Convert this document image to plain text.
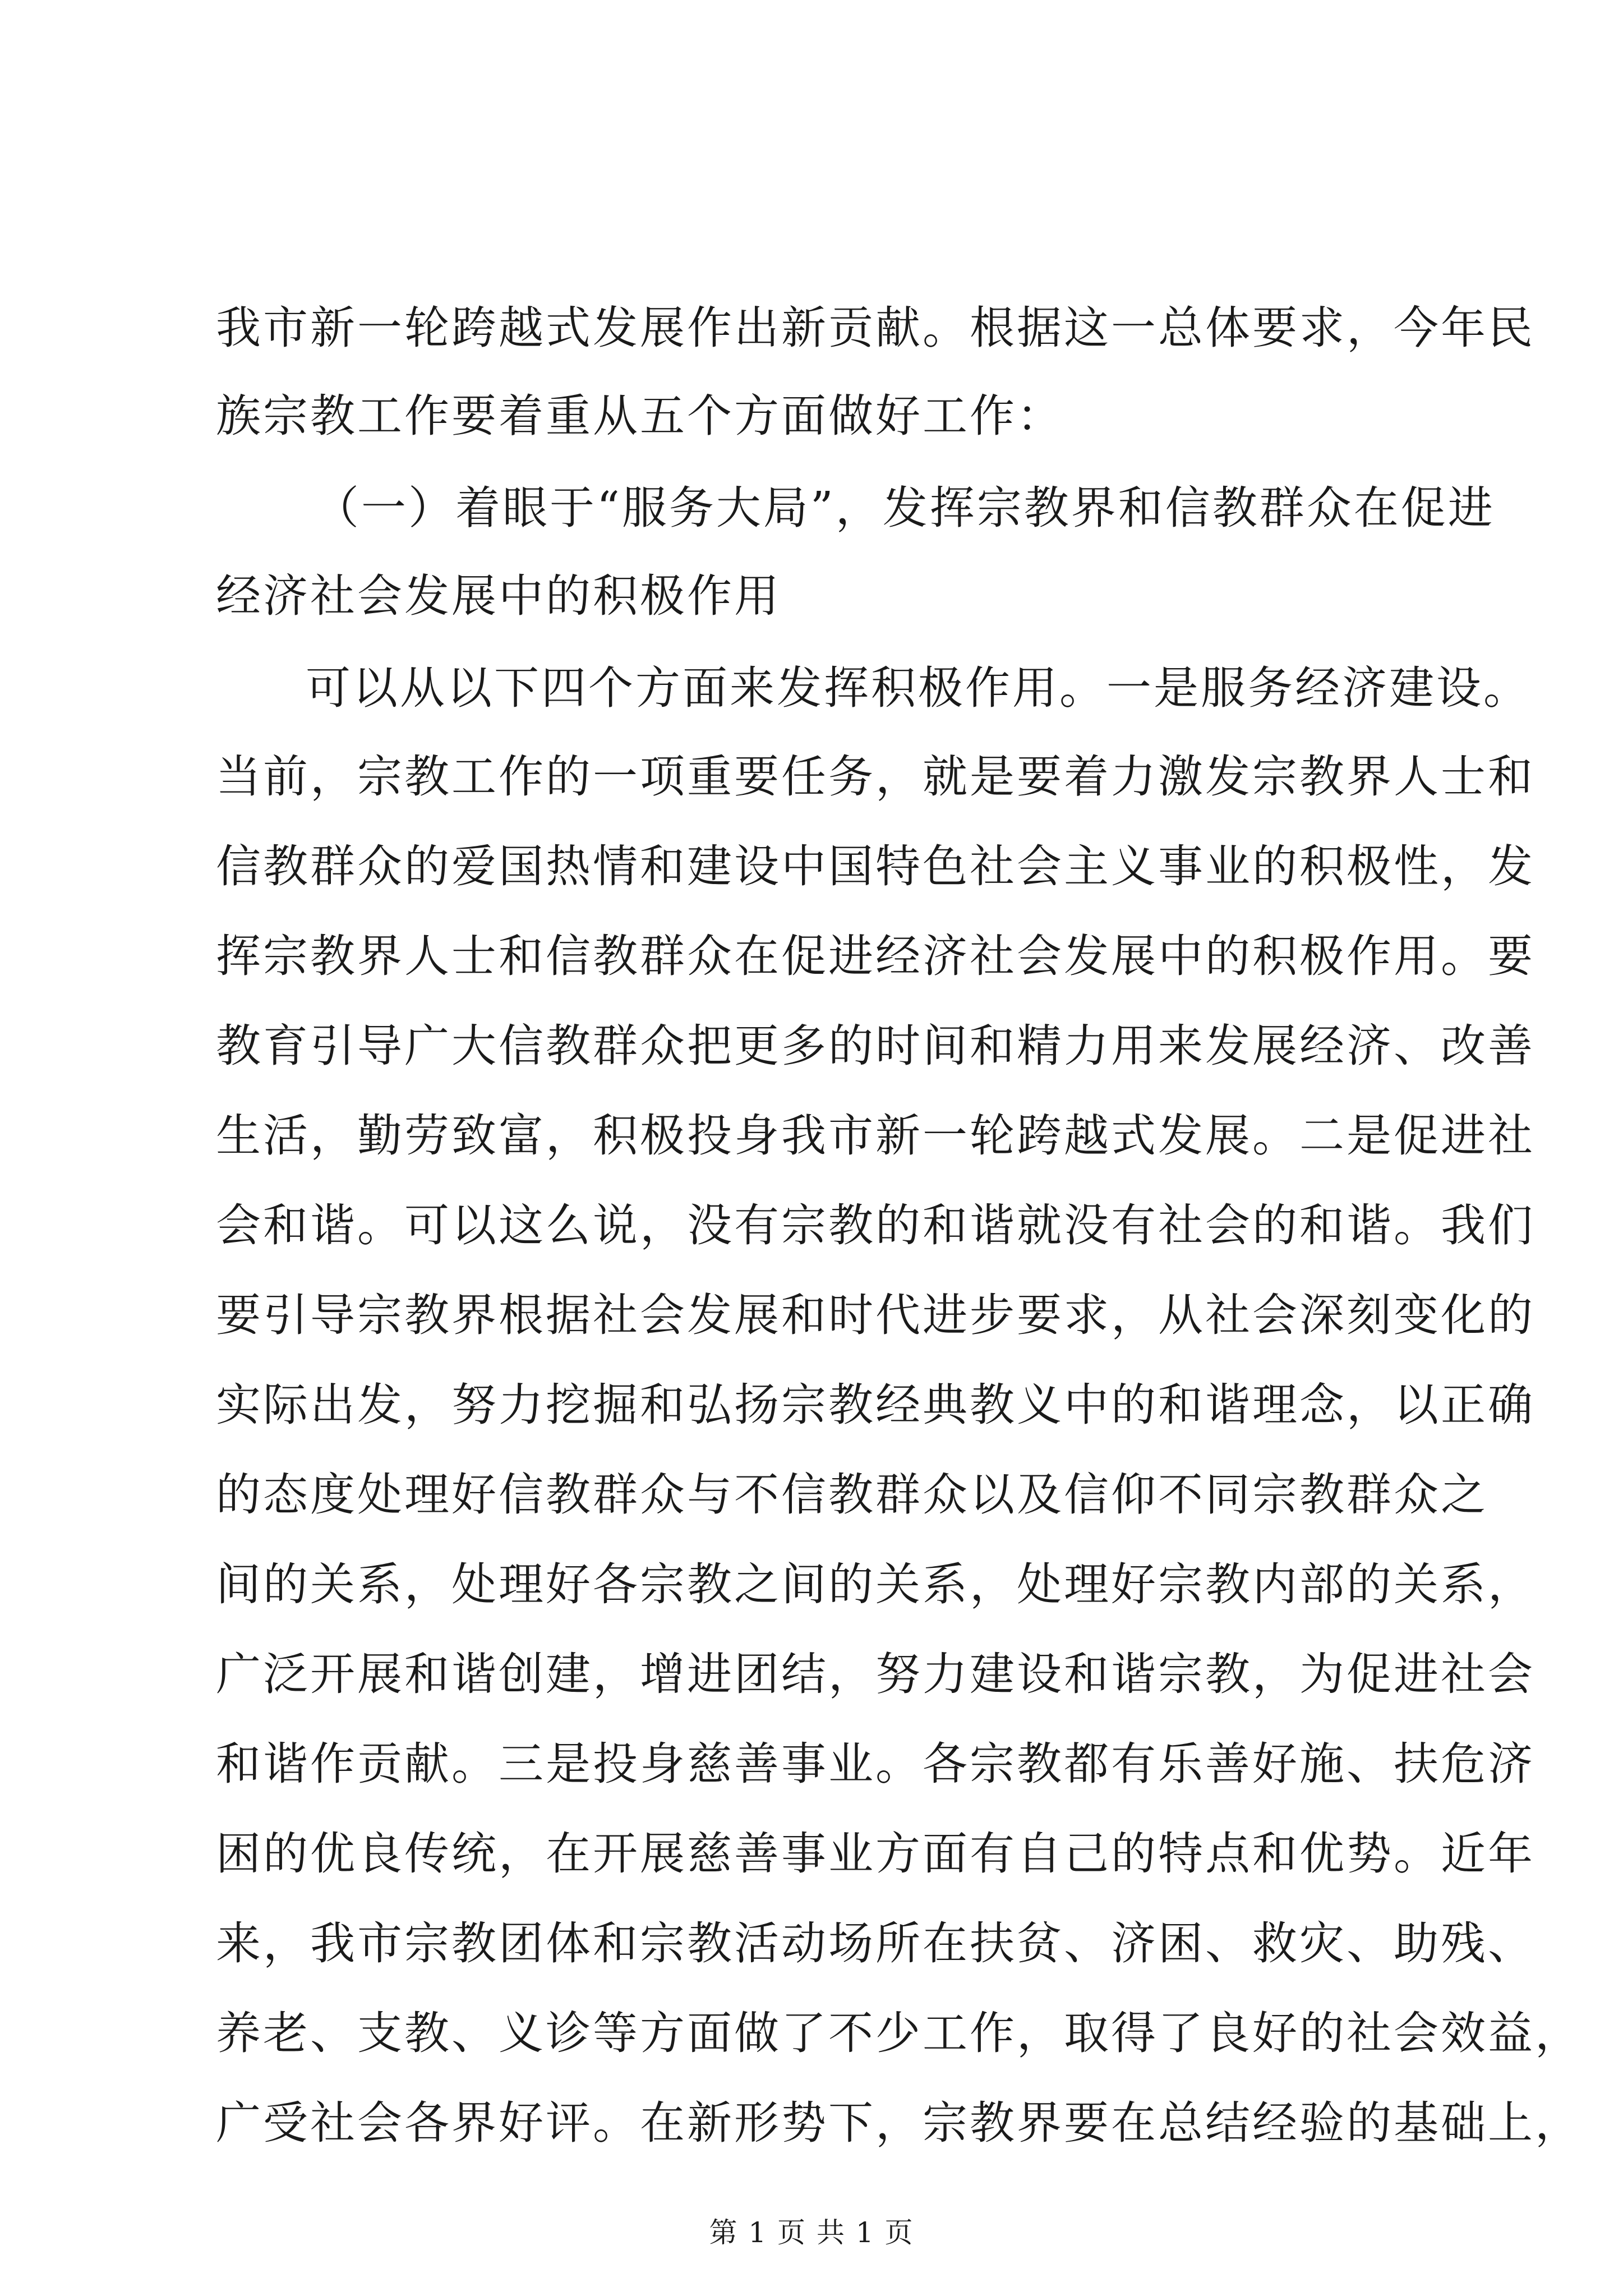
我市新一轮跨越式发展作出新贡献。根据这一总体要求，今年民
族宗教工作要着重从五个方面做好工作：
（一）着眼于“服务大局”，发挥宗教界和信教群众在促进
经济社会发展中的积极作用
可以从以下四个方面来发挥积极作用。一是服务经济建设。
当前，宗教工作的一项重要任务，就是要着力激发宗教界人士和
信教群众的爱国热情和建设中国特色社会主义事业的积极性，发
挥宗教界人士和信教群众在促进经济社会发展中的积极作用。要
教育引导广大信教群众把更多的时间和精力用来发展经济、改善
生活，勤劳致富，积极投身我市新一轮跨越式发展。二是促进社
会和谐。可以这么说，没有宗教的和谐就没有社会的和谐。我们
要引导宗教界根据社会发展和时代进步要求，从社会深刻变化的
实际出发，努力挖掘和弘扬宗教经典教义中的和谐理念，以正确
的态度处理好信教群众与不信教群众以及信仰不同宗教群众之
间的关系，处理好各宗教之间的关系，处理好宗教内部的关系，
广泛开展和谐创建，增进团结，努力建设和谐宗教，为促进社会
和谐作贡献。三是投身慈善事业。各宗教都有乐善好施、扶危济
困的优良传统，在开展慈善事业方面有自己的特点和优势。近年
来，我市宗教团体和宗教活动场所在扶贫、济困、救灾、助残、
养老、支教、义诊等方面做了不少工作，取得了良好的社会效益，
广受社会各界好评。在新形势下，宗教界要在总结经验的基础上，
第 1 页 共 1 页
